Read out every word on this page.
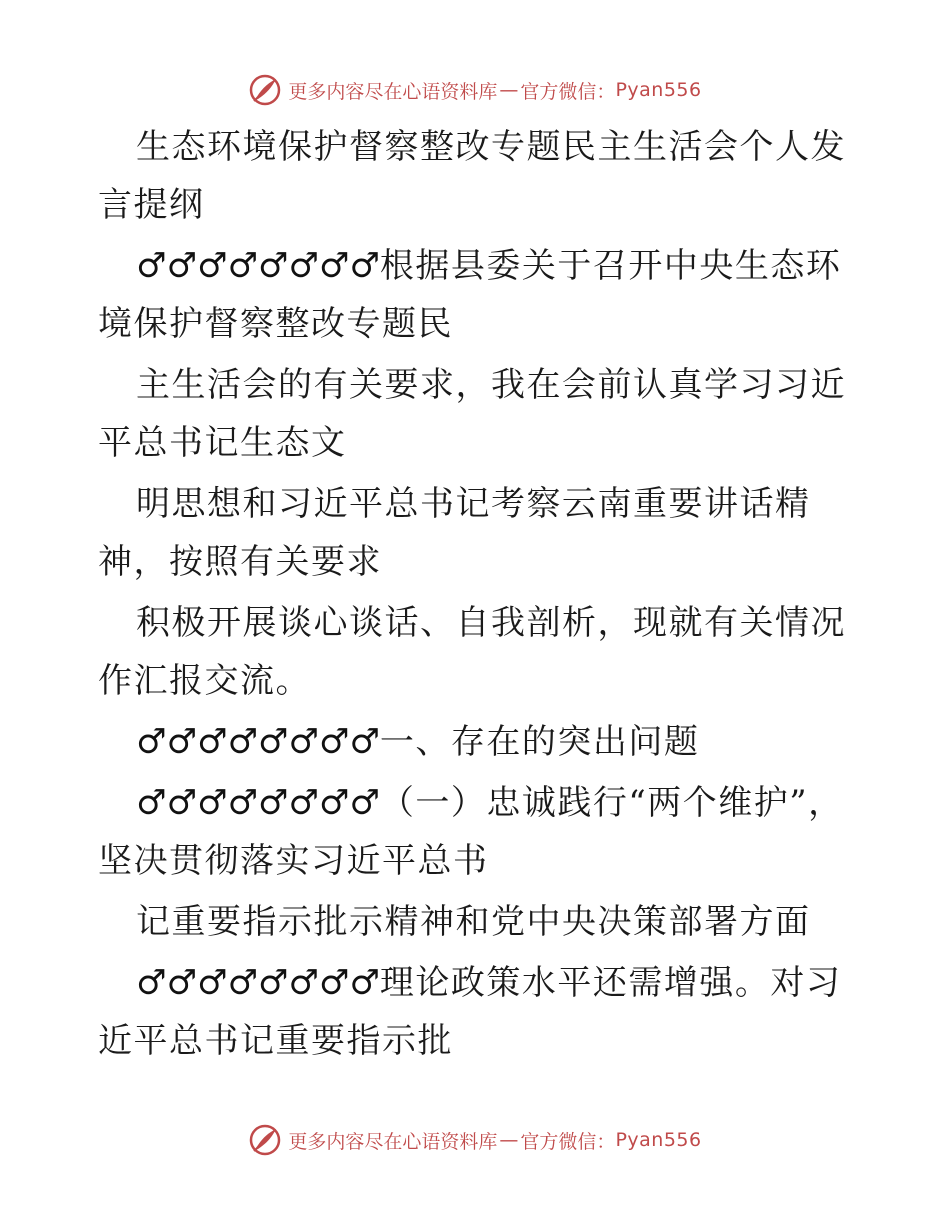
更多内容尽在心语资料库 — 官方微信： Pyan556

生态环境保护督察整改专题民主生活会个人发言提纲

♂♂♂♂♂♂♂♂根据县委关于召开中央生态环境保护督察整改专题民

主生活会的有关要求，我在会前认真学习习近平总书记生态文

明思想和习近平总书记考察云南重要讲话精神，按照有关要求

积极开展谈心谈话、自我剖析，现就有关情况作汇报交流。

♂♂♂♂♂♂♂♂一、存在的突出问题

♂♂♂♂♂♂♂♂（一）忠诚践行“两个维护”，坚决贯彻落实习近平总书

记重要指示批示精神和党中央决策部署方面

♂♂♂♂♂♂♂♂理论政策水平还需增强。对习近平总书记重要指示批

更多内容尽在心语资料库 — 官方微信： Pyan556
